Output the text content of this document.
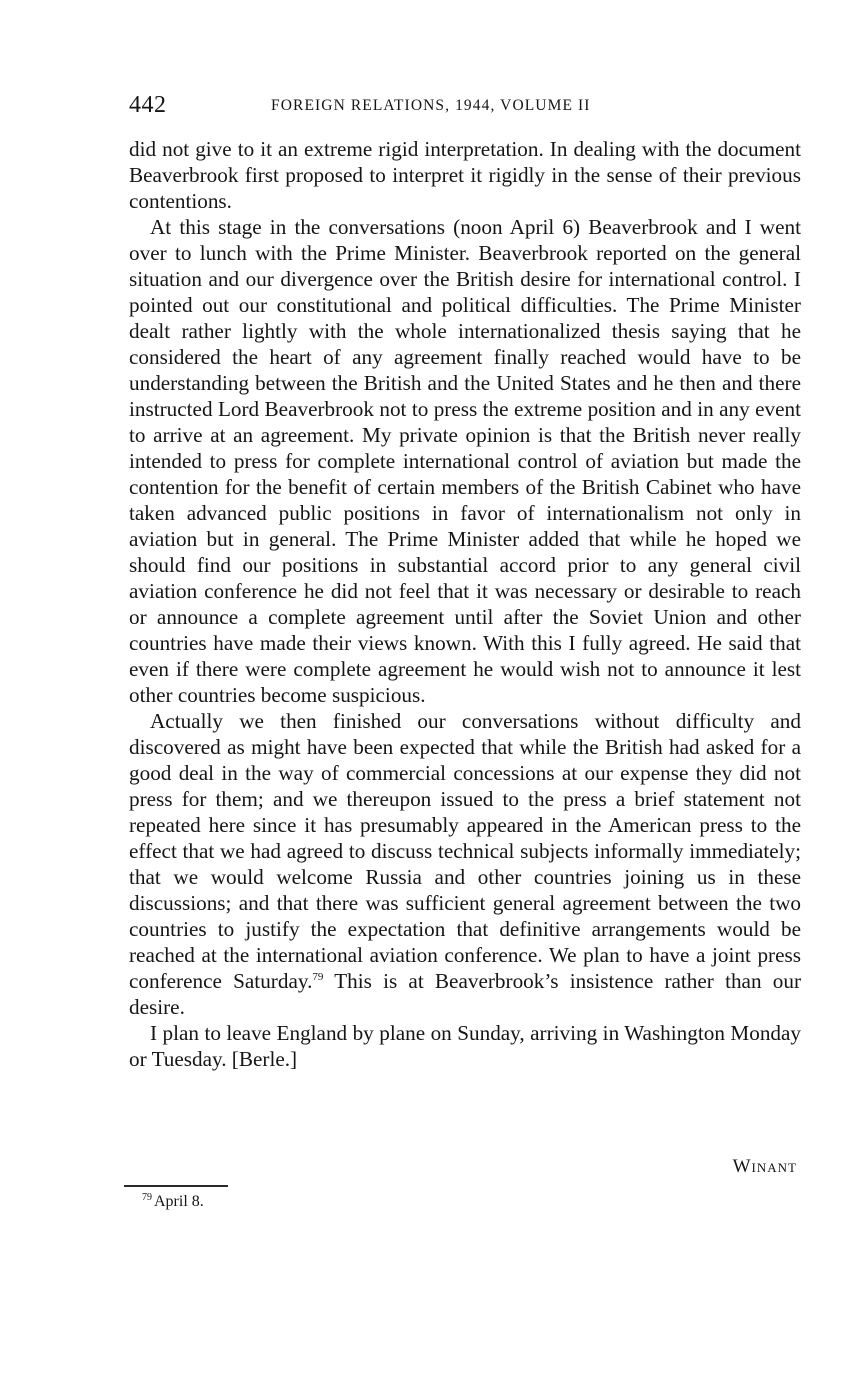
442	FOREIGN RELATIONS, 1944, VOLUME II

did not give to it an extreme rigid interpretation. In dealing with the document Beaverbrook first proposed to interpret it rigidly in the sense of their previous contentions.

At this stage in the conversations (noon April 6) Beaverbrook and I went over to lunch with the Prime Minister. Beaverbrook reported on the general situation and our divergence over the British desire for international control. I pointed out our constitutional and political difficulties. The Prime Minister dealt rather lightly with the whole internationalized thesis saying that he considered the heart of any agreement finally reached would have to be understanding between the British and the United States and he then and there instructed Lord Beaverbrook not to press the extreme position and in any event to arrive at an agreement. My private opinion is that the British never really intended to press for complete international control of aviation but made the contention for the benefit of certain members of the British Cabinet who have taken advanced public positions in favor of internationalism not only in aviation but in general. The Prime Minister added that while he hoped we should find our positions in substantial accord prior to any general civil aviation conference he did not feel that it was necessary or desirable to reach or announce a complete agreement until after the Soviet Union and other countries have made their views known. With this I fully agreed. He said that even if there were complete agreement he would wish not to announce it lest other countries become suspicious.

Actually we then finished our conversations without difficulty and discovered as might have been expected that while the British had asked for a good deal in the way of commercial concessions at our expense they did not press for them; and we thereupon issued to the press a brief statement not repeated here since it has presumably appeared in the American press to the effect that we had agreed to discuss technical subjects informally immediately; that we would welcome Russia and other countries joining us in these discussions; and that there was sufficient general agreement between the two countries to justify the expectation that definitive arrangements would be reached at the international aviation conference. We plan to have a joint press conference Saturday.$^{79}$ This is at Beaverbrook’s insistence rather than our desire.

I plan to leave England by plane on Sunday, arriving in Washington Monday or Tuesday. [Berle.]

Winant
$^{79}$ April 8.
